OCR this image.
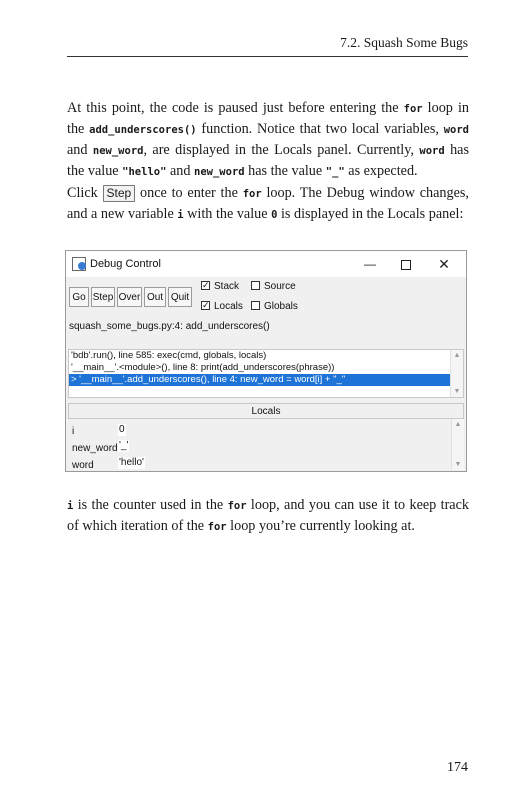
7.2. Squash Some Bugs
At this point, the code is paused just before entering the for loop in the add_underscores() function. Notice that two local variables, word and new_word, are displayed in the Locals panel. Currently, word has the value "hello" and new_word has the value "_" as expected.
Click Step once to enter the for loop. The Debug window changes, and a new variable i with the value 0 is displayed in the Locals panel:
Debug Control	—	✕
Go Step Over Out Quit
✓Stack	Source
✓Locals	Globals
squash_some_bugs.py:4: add_underscores()
'bdb'.run(), line 585: exec(cmd, globals, locals)
'__main__'.<module>(), line 8: print(add_underscores(phrase))
> '__main__'.add_underscores(), line 4: new_word = word[i] + "_"
▲
▼
Locals
i	0
new_word '_'
word	'hello'
▲
▼
i is the counter used in the for loop, and you can use it to keep track of which iteration of the for loop you’re currently looking at.
174
